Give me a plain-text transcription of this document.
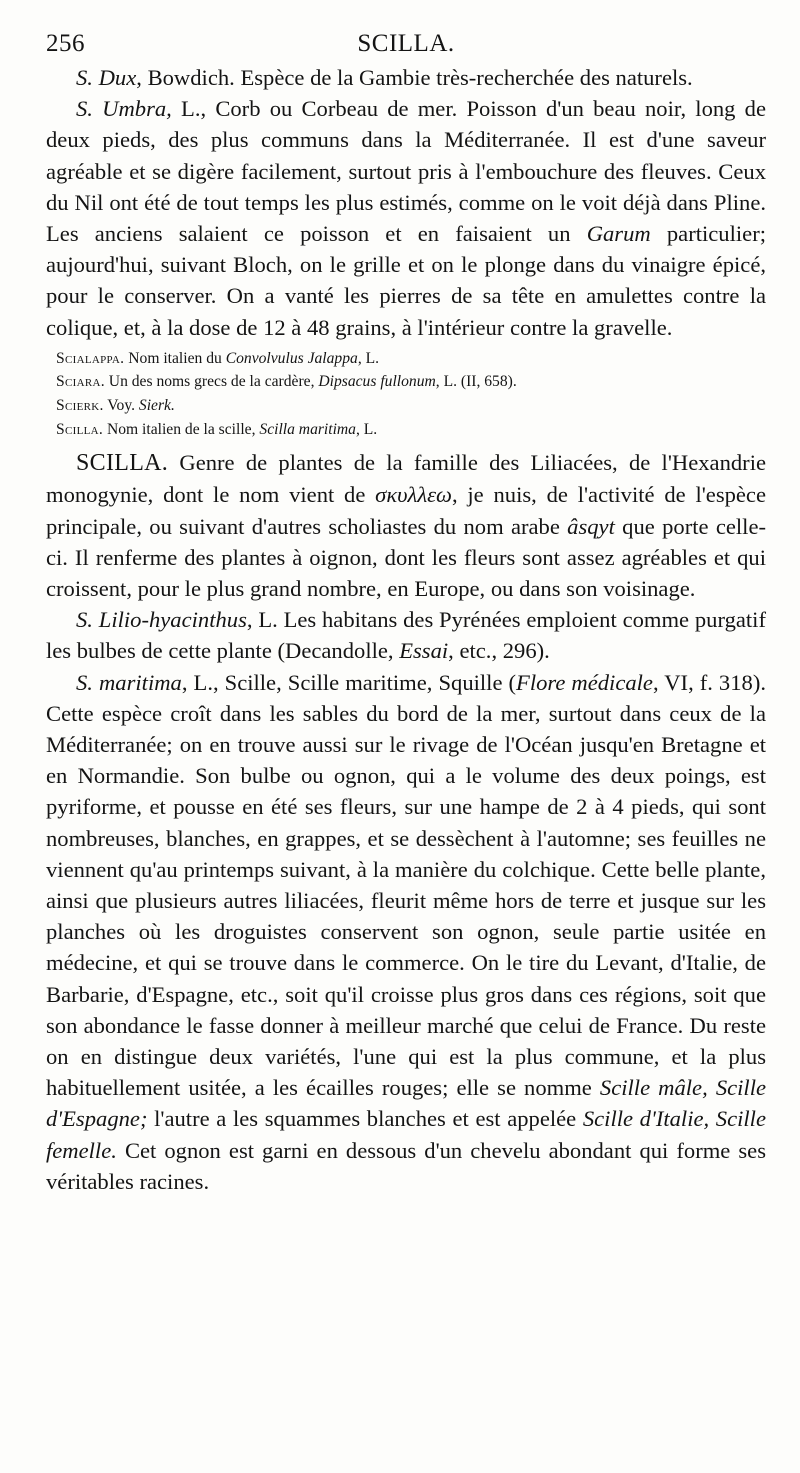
256	SCILLA.

S. Dux, Bowdich. Espèce de la Gambie très-recherchée des naturels.

S. Umbra, L., Corb ou Corbeau de mer. Poisson d'un beau noir, long de deux pieds, des plus communs dans la Méditerranée. Il est d'une saveur agréable et se digère facilement, surtout pris à l'embouchure des fleuves. Ceux du Nil ont été de tout temps les plus estimés, comme on le voit déjà dans Pline. Les anciens salaient ce poisson et en faisaient un Garum particulier; aujourd'hui, suivant Bloch, on le grille et on le plonge dans du vinaigre épicé, pour le conserver. On a vanté les pierres de sa tête en amulettes contre la colique, et, à la dose de 12 à 48 grains, à l'intérieur contre la gravelle.

Scialappa. Nom italien du Convolvulus Jalappa, L.

Sciara. Un des noms grecs de la cardère, Dipsacus fullonum, L. (II, 658).

Scierk. Voy. Sierk.

Scilla. Nom italien de la scille, Scilla maritima, L.

SCILLA. Genre de plantes de la famille des Liliacées, de l'Hexandrie monogynie, dont le nom vient de σκυλλεω, je nuis, de l'activité de l'espèce principale, ou suivant d'autres scholiastes du nom arabe âsqyt que porte celle-ci. Il renferme des plantes à oignon, dont les fleurs sont assez agréables et qui croissent, pour le plus grand nombre, en Europe, ou dans son voisinage.

S. Lilio-hyacinthus, L. Les habitans des Pyrénées emploient comme purgatif les bulbes de cette plante (Decandolle, Essai, etc., 296).

S. maritima, L., Scille, Scille maritime, Squille (Flore médicale, VI, f. 318). Cette espèce croît dans les sables du bord de la mer, surtout dans ceux de la Méditerranée; on en trouve aussi sur le rivage de l'Océan jusqu'en Bretagne et en Normandie. Son bulbe ou ognon, qui a le volume des deux poings, est pyriforme, et pousse en été ses fleurs, sur une hampe de 2 à 4 pieds, qui sont nombreuses, blanches, en grappes, et se dessèchent à l'automne; ses feuilles ne viennent qu'au printemps suivant, à la manière du colchique. Cette belle plante, ainsi que plusieurs autres liliacées, fleurit même hors de terre et jusque sur les planches où les droguistes conservent son ognon, seule partie usitée en médecine, et qui se trouve dans le commerce. On le tire du Levant, d'Italie, de Barbarie, d'Espagne, etc., soit qu'il croisse plus gros dans ces régions, soit que son abondance le fasse donner à meilleur marché que celui de France. Du reste on en distingue deux variétés, l'une qui est la plus commune, et la plus habituellement usitée, a les écailles rouges; elle se nomme Scille mâle, Scille d'Espagne; l'autre a les squammes blanches et est appelée Scille d'Italie, Scille femelle. Cet ognon est garni en dessous d'un chevelu abondant qui forme ses véritables racines.
